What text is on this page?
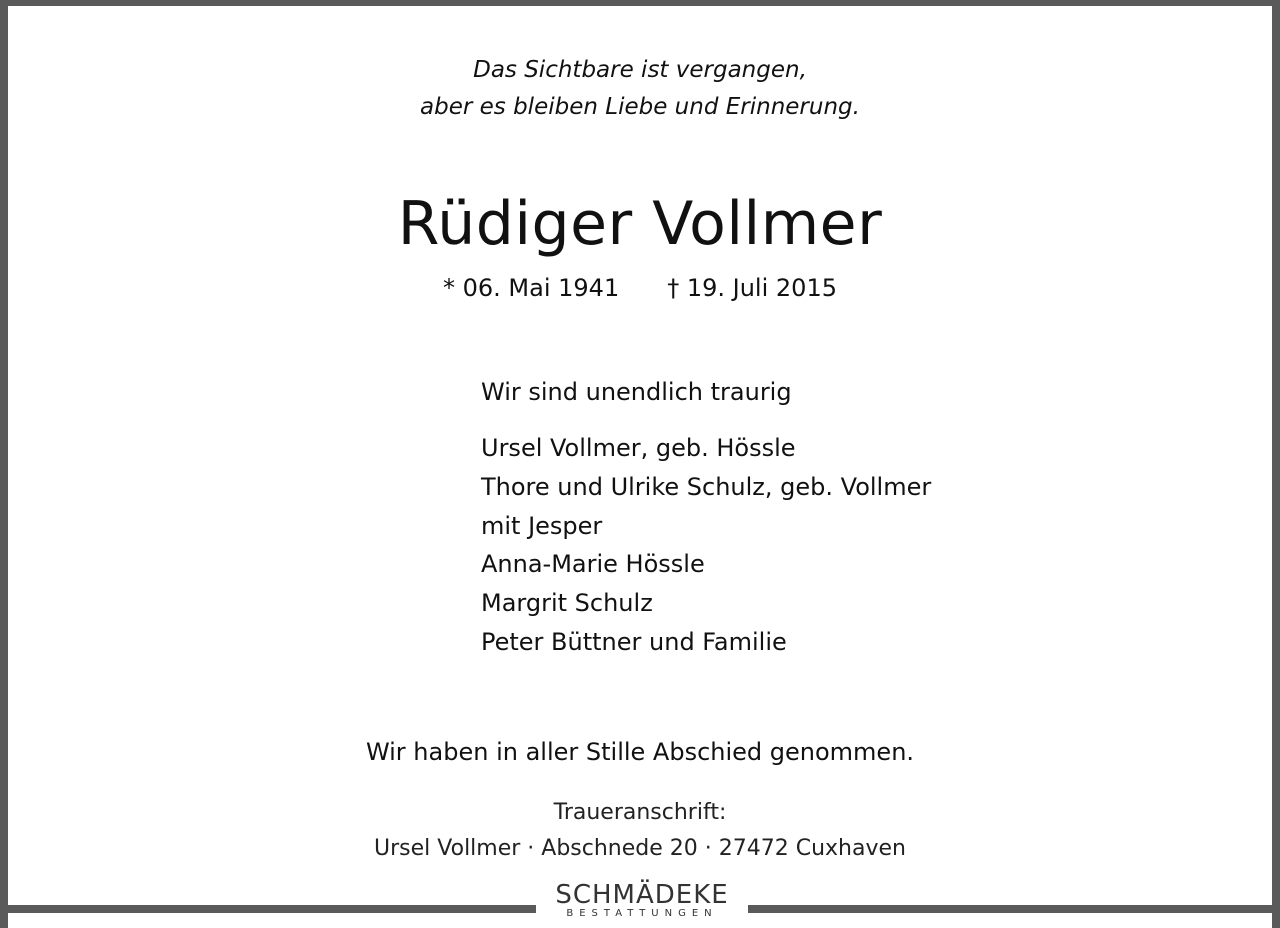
Das Sichtbare ist vergangen,
aber es bleiben Liebe und Erinnerung.
Rüdiger Vollmer
* 06. Mai 1941 † 19. Juli 2015
Wir sind unendlich traurig
Ursel Vollmer, geb. Hössle
Thore und Ulrike Schulz, geb. Vollmer
mit Jesper
Anna-Marie Hössle
Margrit Schulz
Peter Büttner und Familie
Wir haben in aller Stille Abschied genommen.
Traueranschrift:
Ursel Vollmer · Abschnede 20 · 27472 Cuxhaven
SCHMÄDEKE
BESTATTUNGEN
